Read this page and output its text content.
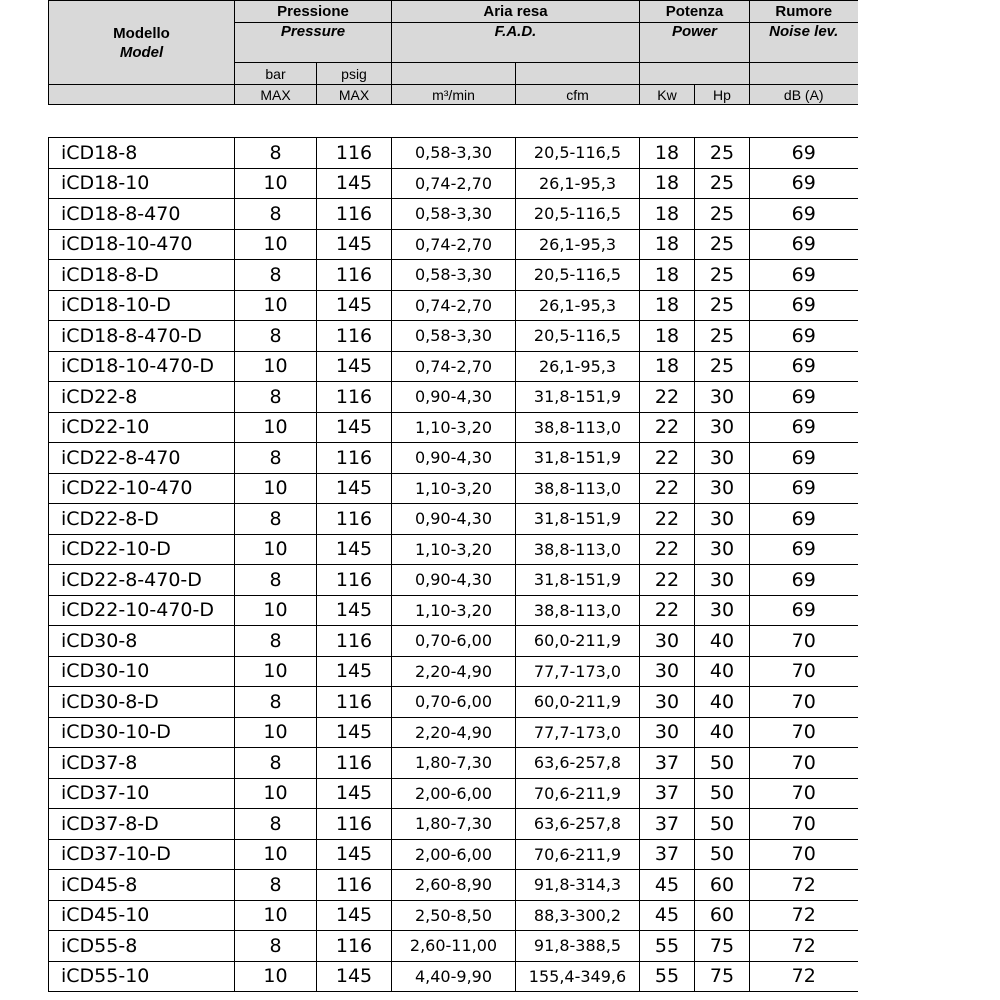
Modello
Model	Pressione		Aria resa		Potenza		Rumore
	Pressure		F.A.D.		Power		Noise lev.
	bar	psig					
	MAX	MAX	m³/min	cfm	Kw	Hp	dB (A)
iCD18-8	8	116	0,58-3,30	20,5-116,5	18	25	69
iCD18-10	10	145	0,74-2,70	26,1-95,3	18	25	69
iCD18-8-470	8	116	0,58-3,30	20,5-116,5	18	25	69
iCD18-10-470	10	145	0,74-2,70	26,1-95,3	18	25	69
iCD18-8-D	8	116	0,58-3,30	20,5-116,5	18	25	69
iCD18-10-D	10	145	0,74-2,70	26,1-95,3	18	25	69
iCD18-8-470-D	8	116	0,58-3,30	20,5-116,5	18	25	69
iCD18-10-470-D	10	145	0,74-2,70	26,1-95,3	18	25	69
iCD22-8	8	116	0,90-4,30	31,8-151,9	22	30	69
iCD22-10	10	145	1,10-3,20	38,8-113,0	22	30	69
iCD22-8-470	8	116	0,90-4,30	31,8-151,9	22	30	69
iCD22-10-470	10	145	1,10-3,20	38,8-113,0	22	30	69
iCD22-8-D	8	116	0,90-4,30	31,8-151,9	22	30	69
iCD22-10-D	10	145	1,10-3,20	38,8-113,0	22	30	69
iCD22-8-470-D	8	116	0,90-4,30	31,8-151,9	22	30	69
iCD22-10-470-D	10	145	1,10-3,20	38,8-113,0	22	30	69
iCD30-8	8	116	0,70-6,00	60,0-211,9	30	40	70
iCD30-10	10	145	2,20-4,90	77,7-173,0	30	40	70
iCD30-8-D	8	116	0,70-6,00	60,0-211,9	30	40	70
iCD30-10-D	10	145	2,20-4,90	77,7-173,0	30	40	70
iCD37-8	8	116	1,80-7,30	63,6-257,8	37	50	70
iCD37-10	10	145	2,00-6,00	70,6-211,9	37	50	70
iCD37-8-D	8	116	1,80-7,30	63,6-257,8	37	50	70
iCD37-10-D	10	145	2,00-6,00	70,6-211,9	37	50	70
iCD45-8	8	116	2,60-8,90	91,8-314,3	45	60	72
iCD45-10	10	145	2,50-8,50	88,3-300,2	45	60	72
iCD55-8	8	116	2,60-11,00	91,8-388,5	55	75	72
iCD55-10	10	145	4,40-9,90	155,4-349,6	55	75	72
